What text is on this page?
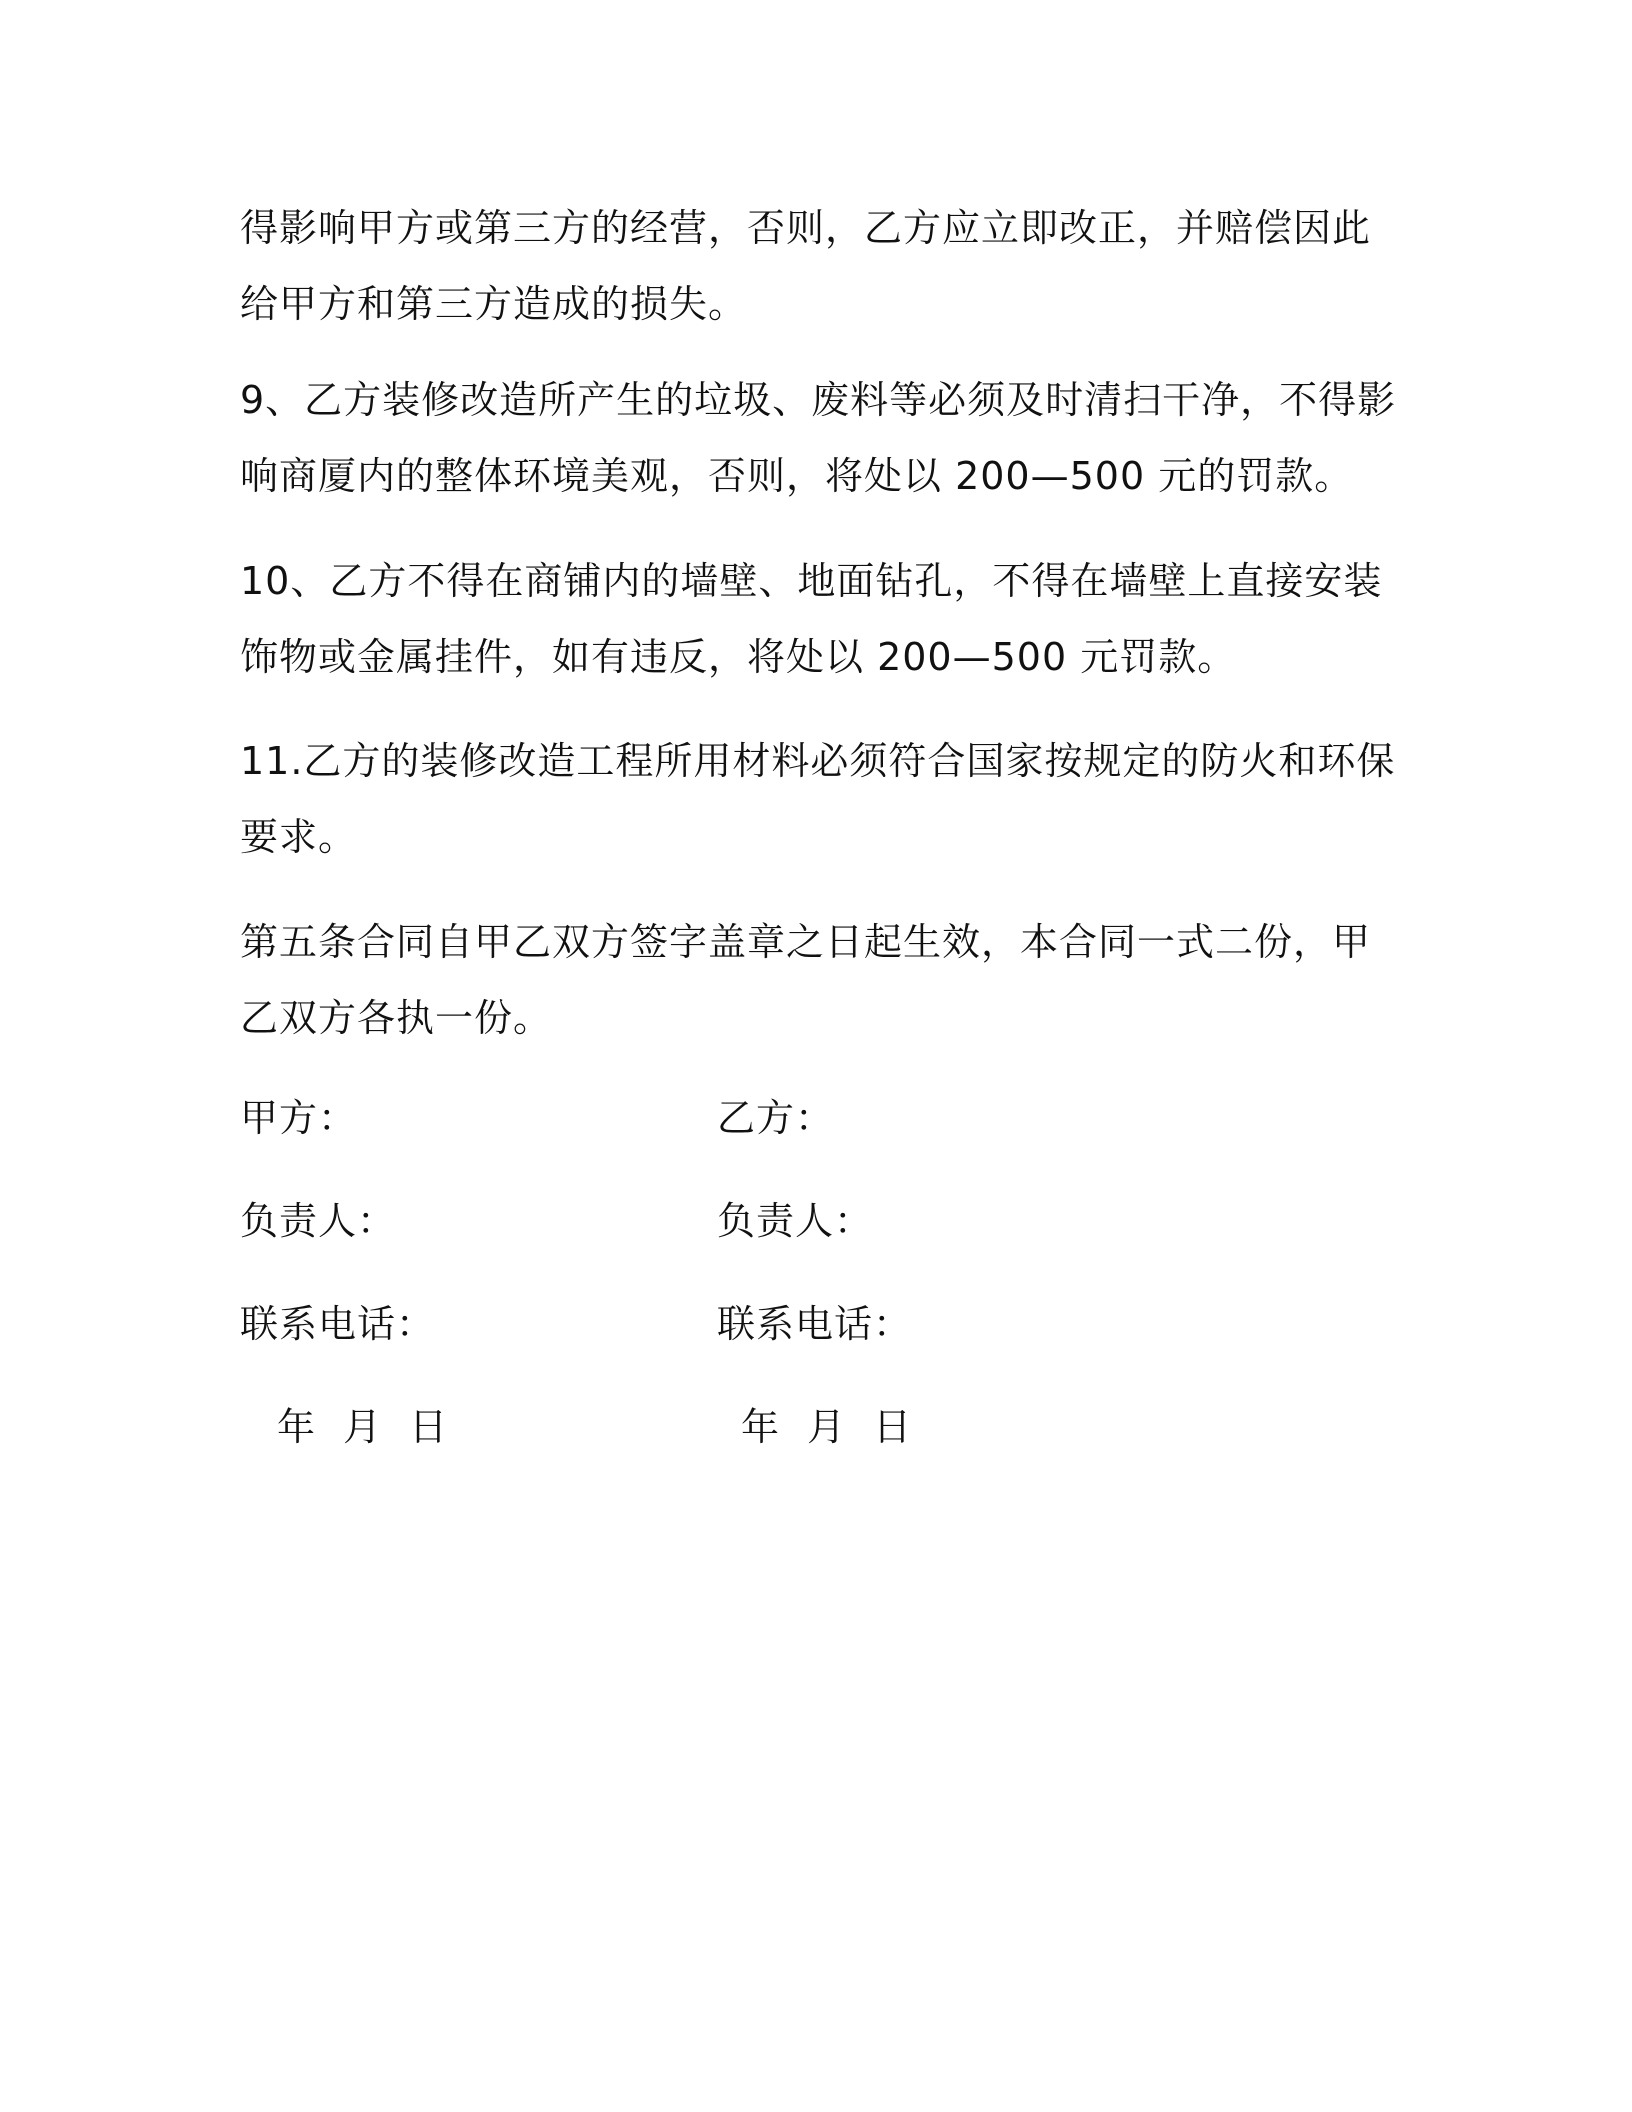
得影响甲方或第三方的经营，否则，乙方应立即改正，并赔偿因此给甲方和第三方造成的损失。

9、乙方装修改造所产生的垃圾、废料等必须及时清扫干净，不得影响商厦内的整体环境美观，否则，将处以 200—500 元的罚款。

10、乙方不得在商铺内的墙壁、地面钻孔，不得在墙壁上直接安装饰物或金属挂件，如有违反，将处以 200—500 元罚款。

11.乙方的装修改造工程所用材料必须符合国家按规定的防火和环保要求。

第五条合同自甲乙双方签字盖章之日起生效，本合同一式二份，甲乙双方各执一份。

甲方：	乙方：

负责人：	负责人：

联系电话：	联系电话：

年 月 日	年 月 日
